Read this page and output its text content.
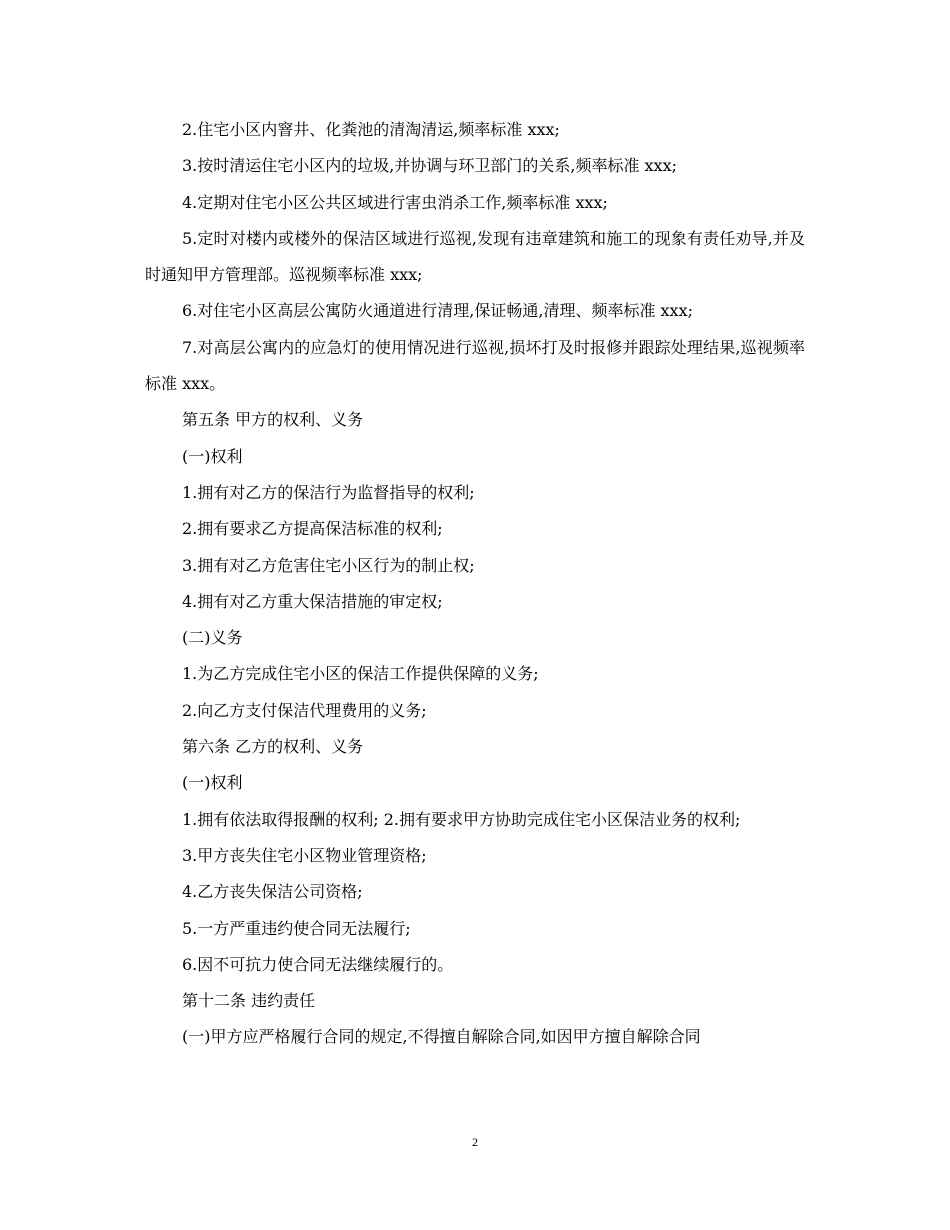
2.住宅小区内窨井、化粪池的清淘清运,频率标准 xxx;

3.按时清运住宅小区内的垃圾,并协调与环卫部门的关系,频率标准 xxx;

4.定期对住宅小区公共区域进行害虫消杀工作,频率标准 xxx;

5.定时对楼内或楼外的保洁区域进行巡视,发现有违章建筑和施工的现象有责任劝导,并及时通知甲方管理部。巡视频率标准 xxx;

6.对住宅小区高层公寓防火通道进行清理,保证畅通,清理、频率标准 xxx;

7.对高层公寓内的应急灯的使用情况进行巡视,损坏打及时报修并跟踪处理结果,巡视频率标准 xxx。

第五条 甲方的权利、义务

(一)权利

1.拥有对乙方的保洁行为监督指导的权利;

2.拥有要求乙方提高保洁标准的权利;

3.拥有对乙方危害住宅小区行为的制止权;

4.拥有对乙方重大保洁措施的审定权;

(二)义务

1.为乙方完成住宅小区的保洁工作提供保障的义务;

2.向乙方支付保洁代理费用的义务;

第六条 乙方的权利、义务

(一)权利

1.拥有依法取得报酬的权利; 2.拥有要求甲方协助完成住宅小区保洁业务的权利;

3.甲方丧失住宅小区物业管理资格;

4.乙方丧失保洁公司资格;

5.一方严重违约使合同无法履行;

6.因不可抗力使合同无法继续履行的。

第十二条 违约责任

(一)甲方应严格履行合同的规定,不得擅自解除合同,如因甲方擅自解除合同

2
